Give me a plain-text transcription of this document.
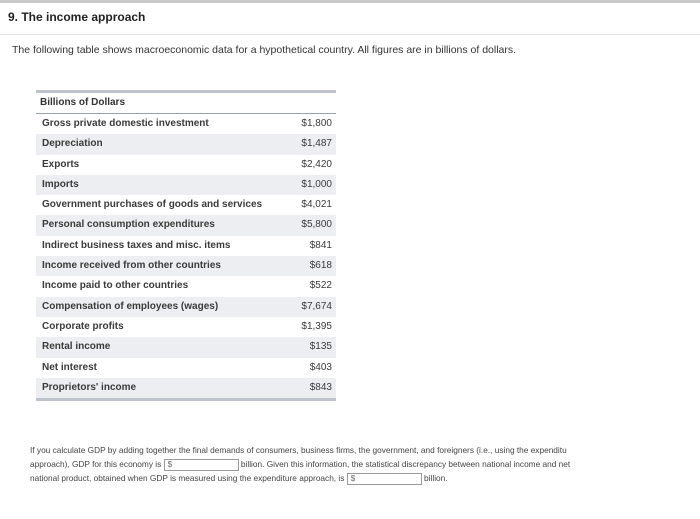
9. The income approach
The following table shows macroeconomic data for a hypothetical country. All figures are in billions of dollars.
Billions of Dollars
Gross private domestic investment	$1,800
Depreciation	$1,487
Exports	$2,420
Imports	$1,000
Government purchases of goods and services	$4,021
Personal consumption expenditures	$5,800
Indirect business taxes and misc. items	$841
Income received from other countries	$618
Income paid to other countries	$522
Compensation of employees (wages)	$7,674
Corporate profits	$1,395
Rental income	$135
Net interest	$403
Proprietors' income	$843

If you calculate GDP by adding together the final demands of consumers, business firms, the government, and foreigners (i.e., using the expenditu

approach), GDP for this economy is $	billion. Given this information, the statistical discrepancy between national income and net

national product, obtained when GDP is measured using the expenditure approach, is $	billion.
